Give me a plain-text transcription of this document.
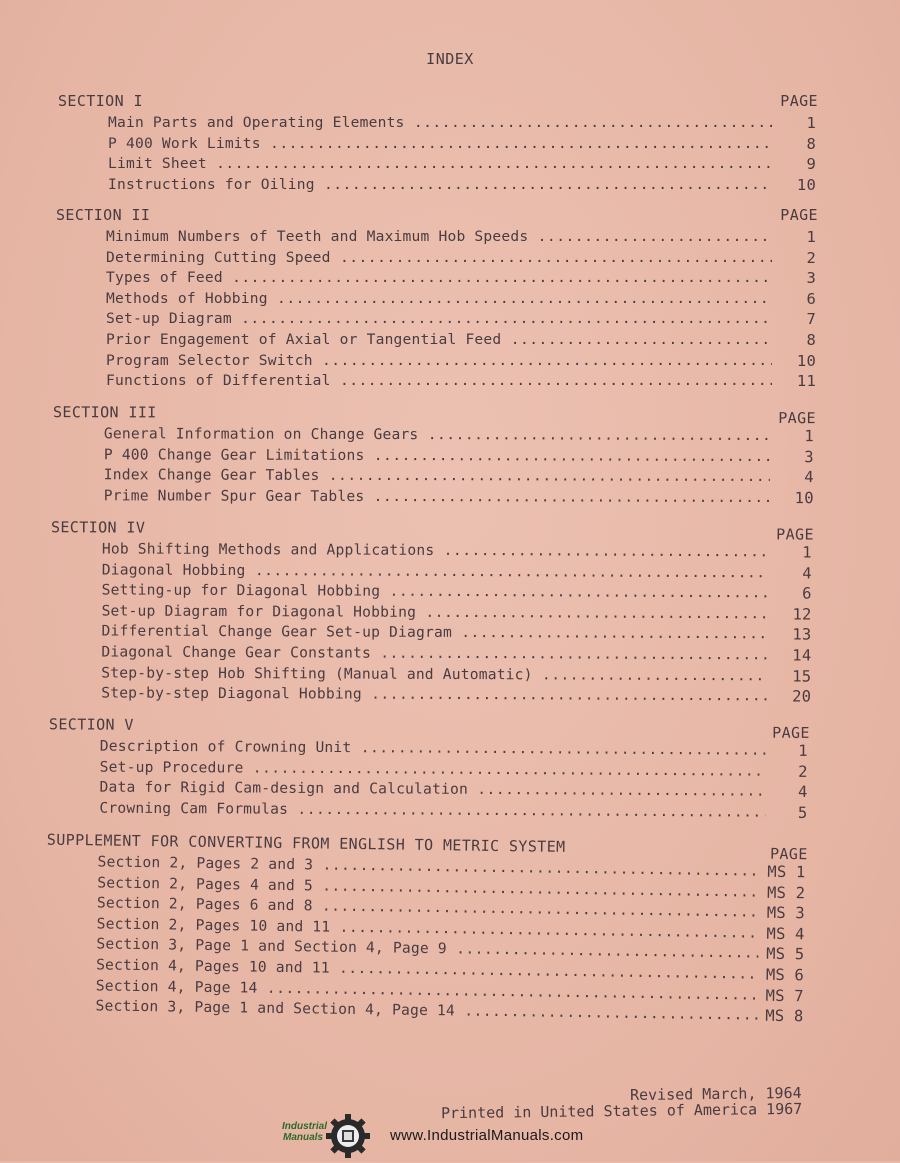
INDEX
SECTION I	PAGE
Main Parts and Operating Elements .....	1
P 400 Work Limits .....	8
Limit Sheet .....	9
Instructions for Oiling .....	10
SECTION II	PAGE
Minimum Numbers of Teeth and Maximum Hob Speeds .....	1
Determining Cutting Speed .....	2
Types of Feed .....	3
Methods of Hobbing .....	6
Set-up Diagram .....	7
Prior Engagement of Axial or Tangential Feed .....	8
Program Selector Switch .....	10
Functions of Differential .....	11
SECTION III	PAGE
General Information on Change Gears .....	1
P 400 Change Gear Limitations .....	3
Index Change Gear Tables .....	4
Prime Number Spur Gear Tables .....	10
SECTION IV	PAGE
Hob Shifting Methods and Applications .....	1
Diagonal Hobbing .....	4
Setting-up for Diagonal Hobbing .....	6
Set-up Diagram for Diagonal Hobbing .....	12
Differential Change Gear Set-up Diagram .....	13
Diagonal Change Gear Constants .....	14
Step-by-step Hob Shifting (Manual and Automatic) .....	15
Step-by-step Diagonal Hobbing .....	20
SECTION V	PAGE
Description of Crowning Unit .....	1
Set-up Procedure .....	2
Data for Rigid Cam-design and Calculation .....	4
Crowning Cam Formulas .....	5
SUPPLEMENT FOR CONVERTING FROM ENGLISH TO METRIC SYSTEM	PAGE
Section 2, Pages 2 and 3 .....	MS 1
Section 2, Pages 4 and 5 .....	MS 2
Section 2, Pages 6 and 8 .....	MS 3
Section 2, Pages 10 and 11 .....	MS 4
Section 3, Page 1 and Section 4, Page 9 .....	MS 5
Section 4, Pages 10 and 11 .....	MS 6
Section 4, Page 14 .....	MS 7
Section 3, Page 1 and Section 4, Page 14 .....	MS 8
Revised March, 1964
Printed in United States of America 1967
Industrial Manuals	www.IndustrialManuals.com
